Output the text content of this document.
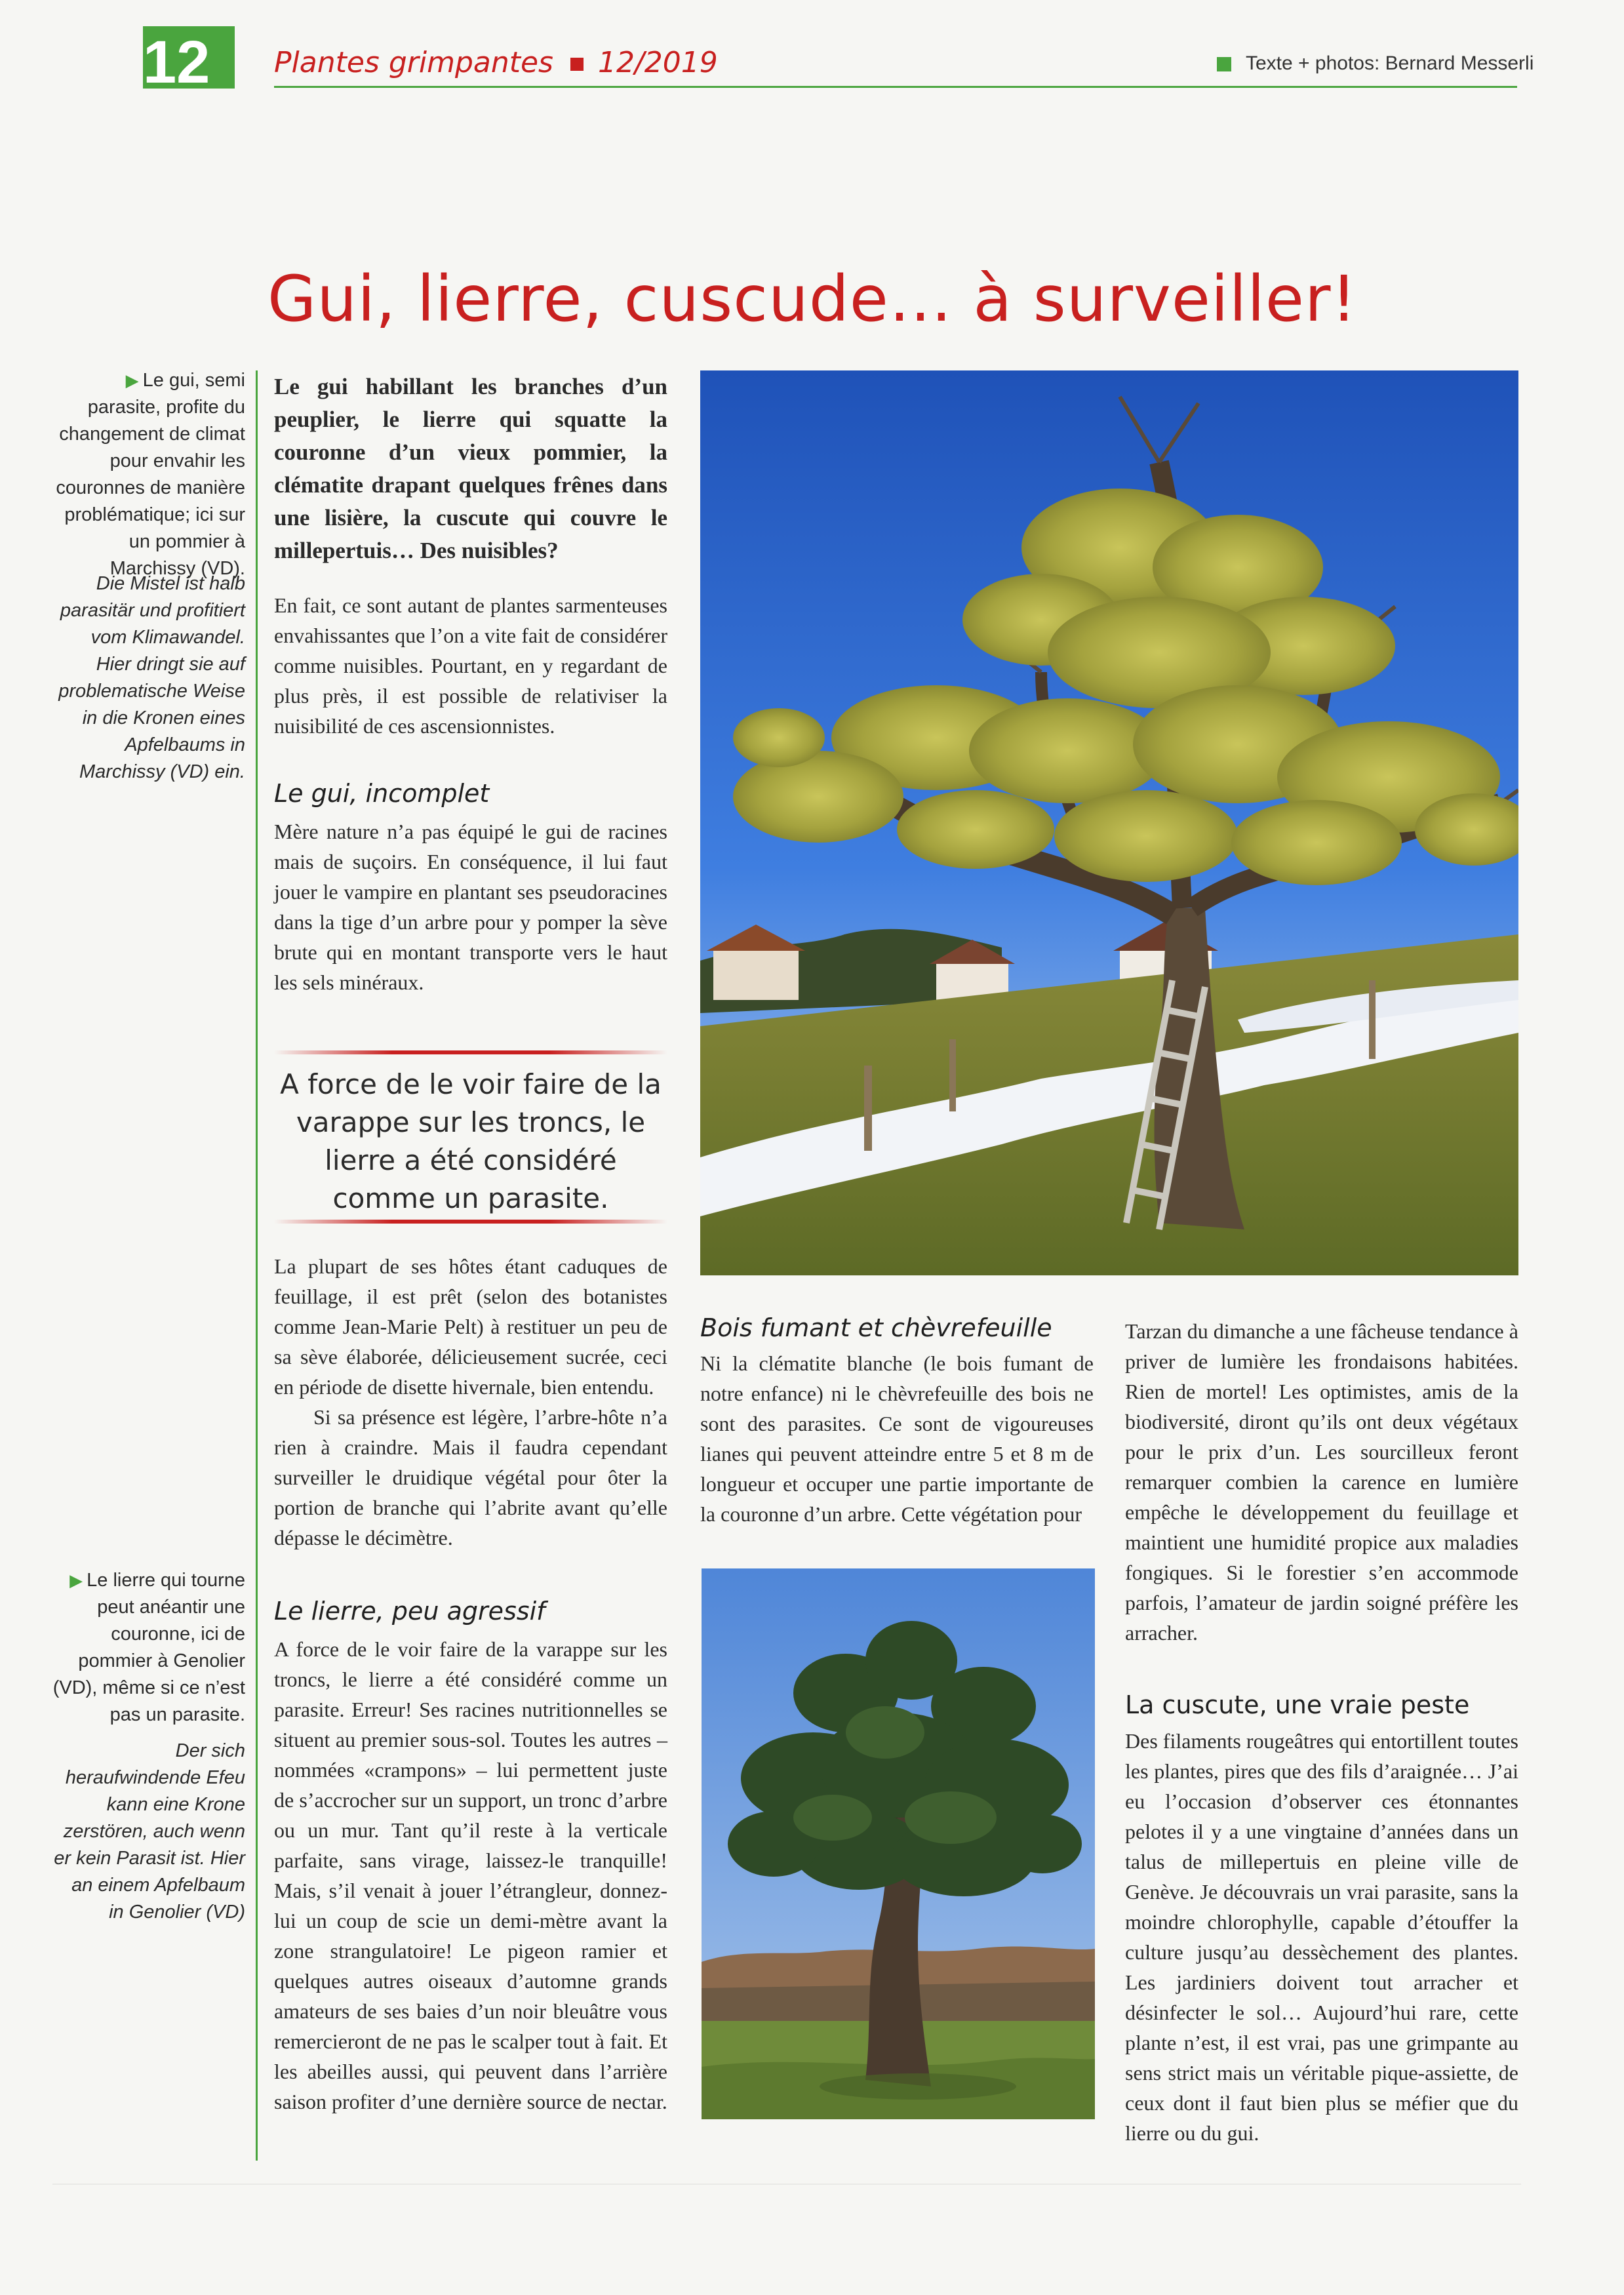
12	Plantes grimpantes 12/2019	Texte + photos: Bernard Messerli
Gui, lierre, cuscude… à surveiller!
▶ Le gui, semi parasite, profite du changement de climat pour envahir les couronnes de manière problématique; ici sur un pommier à Marchissy (VD).
Die Mistel ist halb parasitär und profitiert vom Klimawandel. Hier dringt sie auf problematische Weise in die Kronen eines Apfelbaums in Marchissy (VD) ein.
▶ Le lierre qui tourne peut anéantir une couronne, ici de pommier à Genolier (VD), même si ce n’est pas un parasite.
Der sich heraufwindende Efeu kann eine Krone zerstören, auch wenn er kein Parasit ist. Hier an einem Apfelbaum in Genolier (VD)
Le gui habillant les branches d’un peuplier, le lierre qui squatte la couronne d’un vieux pommier, la clématite drapant quelques frênes dans une lisière, la cuscute qui couvre le millepertuis… Des nuisibles?
En fait, ce sont autant de plantes sarmenteuses envahissantes que l’on a vite fait de considérer comme nuisibles. Pourtant, en y regardant de plus près, il est possible de relativiser la nuisibilité de ces ascensionnistes.
Le gui, incomplet
Mère nature n’a pas équipé le gui de racines mais de suçoirs. En conséquence, il lui faut jouer le vampire en plantant ses pseudoracines dans la tige d’un arbre pour y pomper la sève brute qui en montant transporte vers le haut les sels minéraux.
A force de le voir faire de la varappe sur les troncs, le lierre a été considéré comme un parasite.
La plupart de ses hôtes étant caduques de feuillage, il est prêt (selon des botanistes comme Jean-Marie Pelt) à restituer un peu de sa sève élaborée, délicieusement sucrée, ceci en période de disette hivernale, bien entendu.
Si sa présence est légère, l’arbre-hôte n’a rien à craindre. Mais il faudra cependant surveiller le druidique végétal pour ôter la portion de branche qui l’abrite avant qu’elle dépasse le décimètre.
Le lierre, peu agressif
A force de le voir faire de la varappe sur les troncs, le lierre a été considéré comme un parasite. Erreur! Ses racines nutritionnelles se situent au premier sous-sol. Toutes les autres – nommées «crampons» – lui permettent juste de s’accrocher sur un support, un tronc d’arbre ou un mur. Tant qu’il reste à la verticale parfaite, sans virage, laissez-le tranquille! Mais, s’il venait à jouer l’étrangleur, donnez-lui un coup de scie un demi-mètre avant la zone strangulatoire! Le pigeon ramier et quelques autres oiseaux d’automne grands amateurs de ses baies d’un noir bleuâtre vous remercieront de ne pas le scalper tout à fait. Et les abeilles aussi, qui peuvent dans l’arrière saison profiter d’une dernière source de nectar.
Bois fumant et chèvrefeuille
Ni la clématite blanche (le bois fumant de notre enfance) ni le chèvrefeuille des bois ne sont des parasites. Ce sont de vigoureuses lianes qui peuvent atteindre entre 5 et 8 m de longueur et occuper une partie importante de la couronne d’un arbre. Cette végétation pour
Tarzan du dimanche a une fâcheuse tendance à priver de lumière les frondaisons habitées. Rien de mortel! Les optimistes, amis de la biodiversité, diront qu’ils ont deux végétaux pour le prix d’un. Les sourcilleux feront remarquer combien la carence en lumière empêche le développement du feuillage et maintient une humidité propice aux maladies fongiques. Si le forestier s’en accommode parfois, l’amateur de jardin soigné préfère les arracher.
La cuscute, une vraie peste
Des filaments rougeâtres qui entortillent toutes les plantes, pires que des fils d’araignée… J’ai eu l’occasion d’observer ces étonnantes pelotes il y a une vingtaine d’années dans un talus de millepertuis en pleine ville de Genève. Je découvrais un vrai parasite, sans la moindre chlorophylle, capable d’étouffer la culture jusqu’au dessèchement des plantes. Les jardiniers doivent tout arracher et désinfecter le sol… Aujourd’hui rare, cette plante n’est, il est vrai, pas une grimpante au sens strict mais un véritable pique-assiette, de ceux dont il faut bien plus se méfier que du lierre ou du gui.
